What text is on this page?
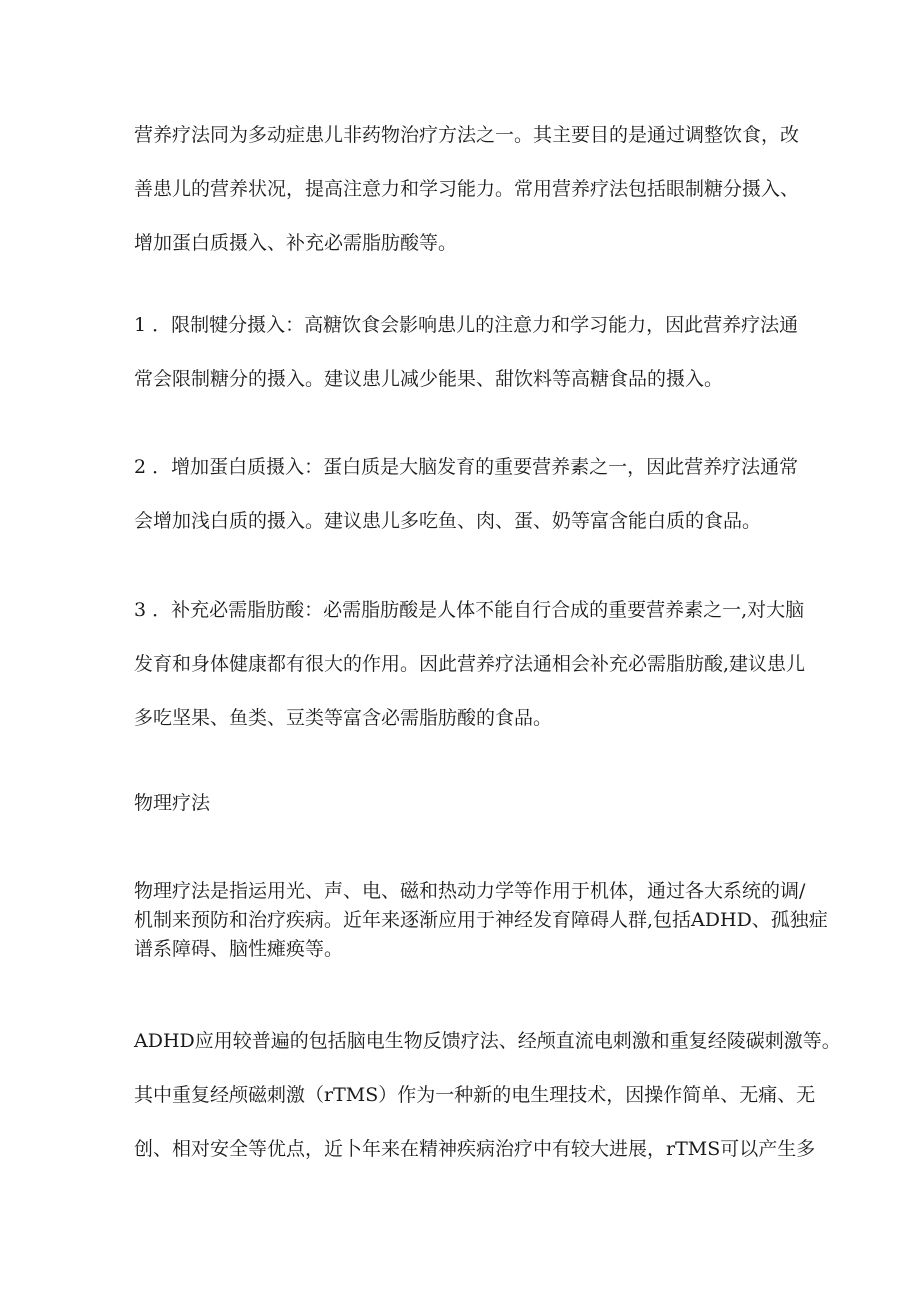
营养疗法同为多动症患儿非药物治疗方法之一。其主要目的是通过调整饮食，改
善患儿的营养状况，提高注意力和学习能力。常用营养疗法包括眼制糖分摄入、
增加蛋白质摄入、补充必需脂肪酸等。

1 ．限制犍分摄入：高糖饮食会影响患儿的注意力和学习能力，因此营养疗法通
常会限制糖分的摄入。建议患儿减少能果、甜饮料等高糖食品的摄入。

2 ．增加蛋白质摄入：蛋白质是大脑发育的重要营养素之一，因此营养疗法通常
会增加浅白质的摄入。建议患儿多吃鱼、肉、蛋、奶等富含能白质的食品。

3 ．补充必需脂肪酸：必需脂肪酸是人体不能自行合成的重要营养素之一,对大脑
发育和身体健康都有很大的作用。因此营养疗法通相会补充必需脂肪酸,建议患儿
多吃坚果、鱼类、豆类等富含必需脂肪酸的食品。

物理疗法

物理疗法是指运用光、声、电、磁和热动力学等作用于机体，通过各大系统的调/
机制来预防和治疗疾病。近年来逐渐应用于神经发育障碍人群,包括ADHD、孤独症
谱系障碍、脑性瘫痪等。

ADHD应用较普遍的包括脑电生物反馈疗法、经颅直流电刺激和重复经陵碳刺激等。
其中重复经颅磁刺激（rTMS）作为一种新的电生理技术，因操作简单、无痛、无
创、相对安全等优点，近卜年来在精神疾病治疗中有较大进展，rTMS可以产生多
